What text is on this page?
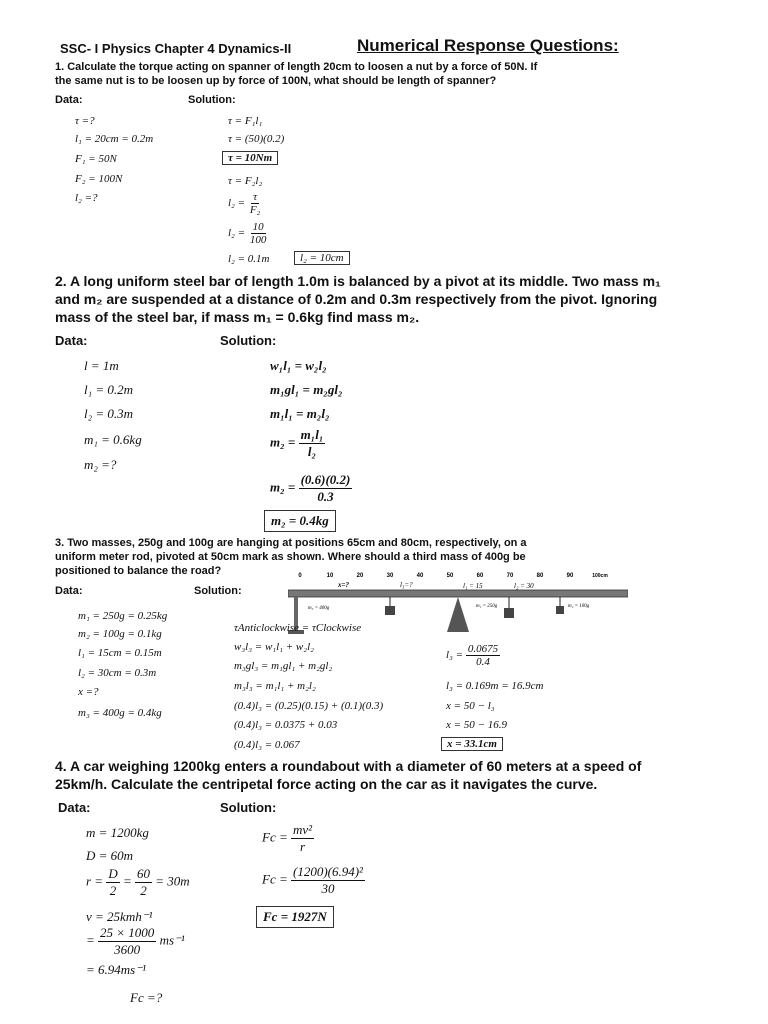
SSC- I Physics Chapter 4 Dynamics-II	Numerical Response Questions:
1. Calculate the torque acting on spanner of length 20cm to loosen a nut by a force of 50N. If
the same nut is to be loosen up by force of 100N, what should be length of spanner?
Data:	Solution:
τ =?
l₁ = 20cm = 0.2m
F₁ = 50N
F₂ = 100N
l₂ =?
τ = F₁l₁
τ = (50)(0.2)
τ = 10Nm
τ = F₂l₂
$l_2 = \frac{\tau}{\text{F₂}}$
$l_2 = \frac{10}{100}$
l₂ = 0.1m	l₂ = 10cm
2. A long uniform steel bar of length 1.0m is balanced by a pivot at its middle. Two mass m₁
and m₂ are suspended at a distance of 0.2m and 0.3m respectively from the pivot. Ignoring
mass of the steel bar, if mass m₁ = 0.6kg find mass m₂.
Data:	Solution:
l = 1m
l₁ = 0.2m
l₂ = 0.3m
m₁ = 0.6kg
m₂ =?
w₁l₁ = w₂l₂
m₁gl₁ = m₂gl₂
m₁l₁ = m₂l₂
$m_2 = \frac{\text{m₁l₁}}{\text{l₂}}$
$m_2 = \frac{(0.6)(0.2)}{0.3}$
m₂ = 0.4kg
3. Two masses, 250g and 100g are hanging at positions 65cm and 80cm, respectively, on a
uniform meter rod, pivoted at 50cm mark as shown. Where should a third mass of 400g be
positioned to balance the road?
Data:	Solution:
0	10	20	30	40	50	60	70	80	90	100cm
x=?	l₃=?	l₁ = 15	l₂ = 30
m₃ = 400g	m₁ = 250g	m₂ = 100g
m₁ = 250g = 0.25kg
m₂ = 100g = 0.1kg
l₁ = 15cm = 0.15m
l₂ = 30cm = 0.3m
x =?
m₃ = 400g = 0.4kg
τAnticlockwise = τClockwise
w₃l₃ = w₁l₁ + w₂l₂
m₃gl₃ = m₁gl₁ + m₂gl₂
m₃l₃ = m₁l₁ + m₂l₂
(0.4)l₃ = (0.25)(0.15) + (0.1)(0.3)
(0.4)l₃ = 0.0375 + 0.03
(0.4)l₃ = 0.067
$l_3 = \frac{0.0675}{0.4}$
l₃ = 0.169m = 16.9cm
x = 50 − l₃
x = 50 − 16.9
x = 33.1cm
4. A car weighing 1200kg enters a roundabout with a diameter of 60 meters at a speed of
25km/h. Calculate the centripetal force acting on the car as it navigates the curve.
Data:	Solution:
m = 1200kg
D = 60m
$r = \frac{D}{2} = \frac{60}{2} = 30m$
v = 25kmh⁻¹
= $\frac{25 \times 1000}{3600} ms^{-1}$
= 6.94ms⁻¹
Fc =?
$Fc = \frac{\text{mv²}}{r}$
$Fc = \frac{\text{(1200)(6.94)²}}{30}$
Fc = 1927N
